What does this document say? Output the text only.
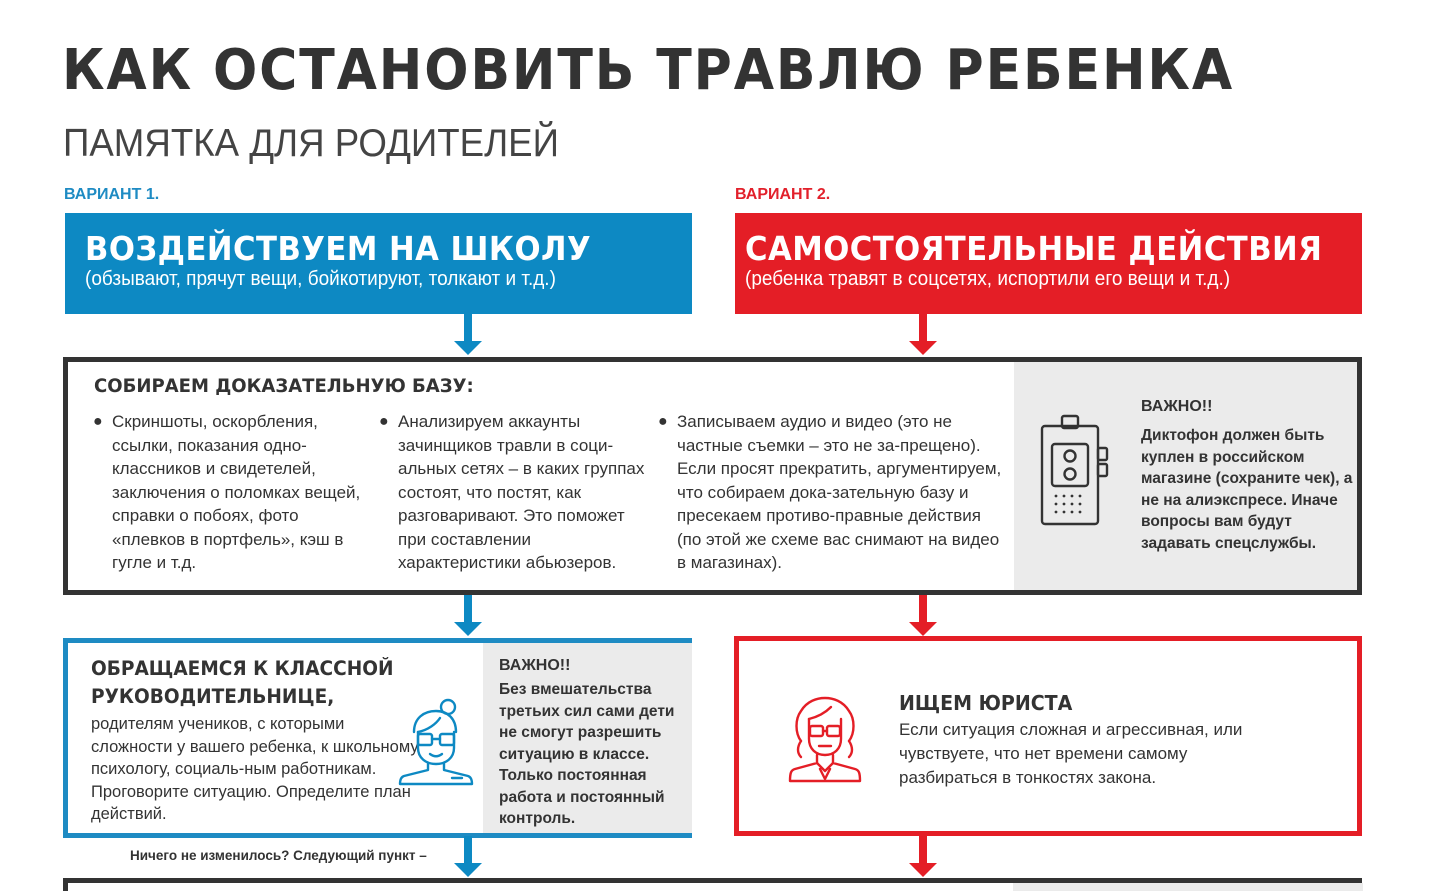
КАК ОСТАНОВИТЬ ТРАВЛЮ РЕБЕНКА
ПАМЯТКА ДЛЯ РОДИТЕЛЕЙ
ВАРИАНТ 1.	ВАРИАНТ 2.
ВОЗДЕЙСТВУЕМ НА ШКОЛУ
(обзывают, прячут вещи, бойкотируют, толкают и т.д.)
САМОСТОЯТЕЛЬНЫЕ ДЕЙСТВИЯ
(ребенка травят в соцсетях, испортили его вещи и т.д.)
СОБИРАЕМ ДОКАЗАТЕЛЬНУЮ БАЗУ:
● Скриншоты, оскорбления, ссылки, показания одно-классников и свидетелей, заключения о поломках вещей, справки о побоях, фото «плевков в портфель», кэш в гугле и т.д.
● Анализируем аккаунты зачинщиков травли в соци-альных сетях – в каких группах состоят, что постят, как разговаривают. Это поможет при составлении характеристики абьюзеров.
● Записываем аудио и видео (это не частные съемки – это не за-прещено). Если просят прекратить, аргументируем, что собираем дока-зательную базу и пресекаем противо-правные действия (по этой же схеме вас снимают на видео в магазинах).
ВАЖНО!!
Диктофон должен быть куплен в российском магазине (сохраните чек), а не на алиэкспресе. Иначе вопросы вам будут задавать спецслужбы.
ОБРАЩАЕМСЯ К КЛАССНОЙ РУКОВОДИТЕЛЬНИЦЕ,
родителям учеников, с которыми сложности у вашего ребенка, к школьному психологу, социаль-ным работникам. Проговорите ситуацию. Определите план действий.
ВАЖНО!!
Без вмешательства третьих сил сами дети не смогут разрешить ситуацию в классе. Только постоянная работа и постоянный контроль.
ИЩЕМ ЮРИСТА
Если ситуация сложная и агрессивная, или чувствуете, что нет времени самому разбираться в тонкостях закона.
Ничего не изменилось? Следующий пункт –
